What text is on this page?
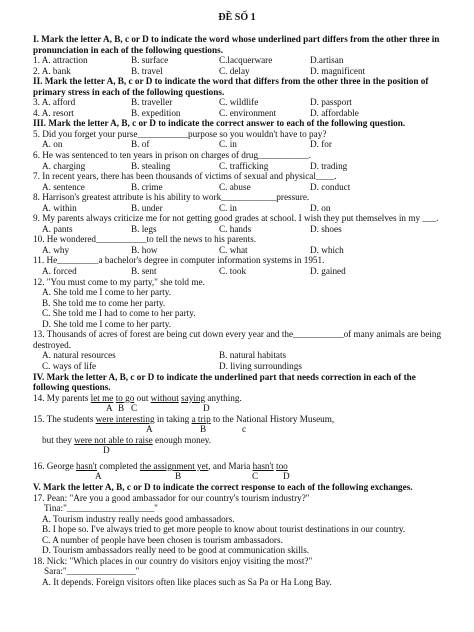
ĐỀ SỐ 1
I. Mark the letter A, B, c or D to indicate the word whose underlined part differs from the other three in pronunciation in each of the following questions.
1. A. attraction	B. surface	C.lacquerware	D.artisan
2. A. bank	B. travel	C. delay	D. magnificent
II. Mark the letter A, B, c or D to indicate the word that differs from the other three in the position of primary stress in each of the following questions.
3. A. afford	B. traveller	C. wildlife	D. passport
4. A. resort	B. expedition	C. environment	D. affordable
III. Mark the letter A, B, c or D to indicate the correct answer to each of the following question.
5. Did you forget your purse___________purpose so you wouldn't have to pay?
A. on	B. of	C. in	D. for
6. He was sentenced to ten years in prison on charges of drug___________.
A. charging	B. stealing	C. trafficking	D. trading
7. In recent years, there has been thousands of victims of sexual and physical____.
A. sentence	B. crime	C. abuse	D. conduct
8. Harrison's greatest attribute is his ability to work____________pressure.
A. within	B. under	C. in	D. on
9. My parents always criticize me for not getting good grades at school. I wish they put themselves in my ___.
A. pants	B. legs	C. hands	D. shoes
10. He wondered___________to tell the news to his parents.
A. why	B. how	C. what	D. which
11. He_________a bachelor's degree in computer information systems in 1951.
A. forced	B. sent	C. took	D. gained
12. "You must come to my party," she told me.
A. She told me I come to her party.
B. She told me to come her party.
C. She told me I had to come to her party.
D. She told me I come to her party.
13. Thousands of acres of forest are being cut down every year and the___________of many animals are being destroyed.
A. natural resources	B. natural habitats
C. ways of life	D. living surroundings
IV. Mark the letter A, B, c or D to indicate the underlined part that needs correction in each of the following questions.
14. My parents let me to go out without saying anything.
A B C	D
15. The students were interesting in taking a trip to the National History Museum,
A	B	c
but they were not able to raise enough money.
D
16. George hasn't completed the assignment yet, and Maria hasn't too
A	B	C	D
V. Mark the letter A, B, c or D to indicate the correct response to each of the following exchanges.
17. Pean: "Are you a good ambassador for our country's tourism industry?"
Tina:"___________________"
A. Tourism industry really needs good ambassadors.
B. I hope so. I've always tried to get more people to know about tourist destinations in our country.
C. A number of people have been chosen is tourism ambassadors.
D. Tourism ambassadors really need to be good at communication skills.
18. Nick: "Which places in our country do visitors enjoy visiting the most?"
Sara:"_______________"
A. It depends. Foreign visitors often like places such as Sa Pa or Ha Long Bay.
